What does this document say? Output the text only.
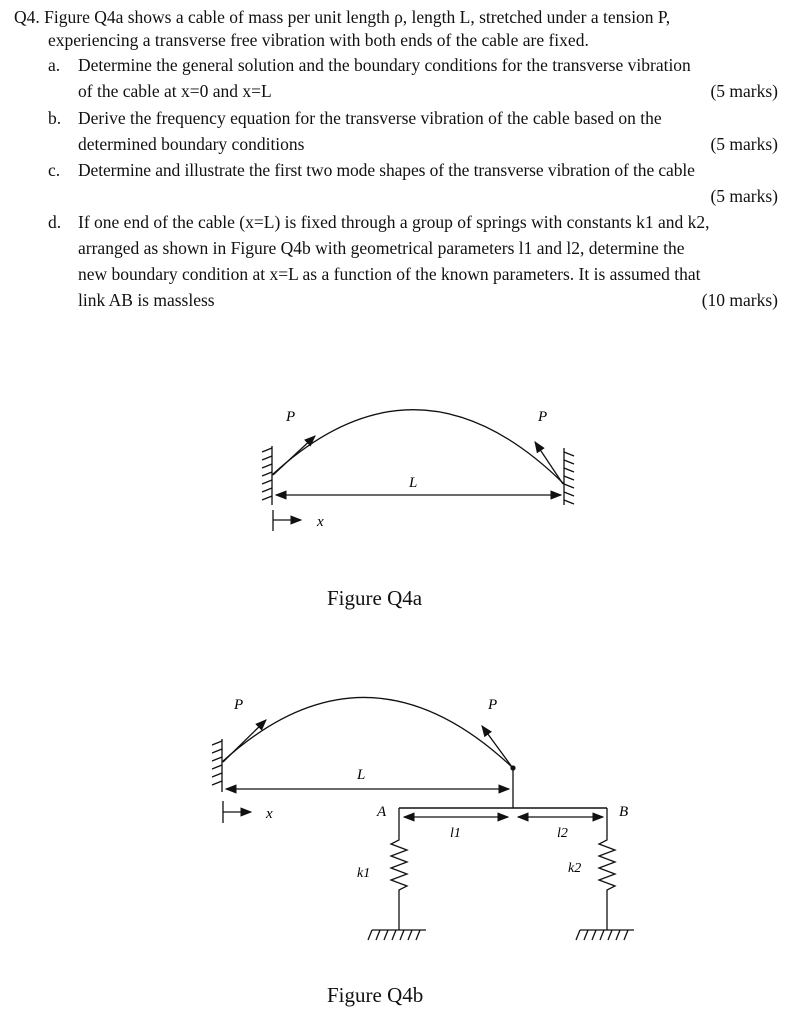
Q4. Figure Q4a shows a cable of mass per unit length ρ, length L, stretched under a tension P,
experiencing a transverse free vibration with both ends of the cable are fixed.
a.	Determine the general solution and the boundary conditions for the transverse vibration
of the cable at x=0 and x=L	(5 marks)
b. Derive the frequency equation for the transverse vibration of the cable based on the
determined boundary conditions	(5 marks)
c.	Determine and illustrate the first two mode shapes of the transverse vibration of the cable
(5 marks)
d. If one end of the cable (x=L) is fixed through a group of springs with constants k1 and k2,
arranged as shown in Figure Q4b with geometrical parameters l1 and l2, determine the
new boundary condition at x=L as a function of the known parameters. It is assumed that
link AB is massless	(10 marks)
P	P
L
x
P	P
L
A	B
l1	l2
x
k1	k2
Figure Q4a
Figure Q4b
